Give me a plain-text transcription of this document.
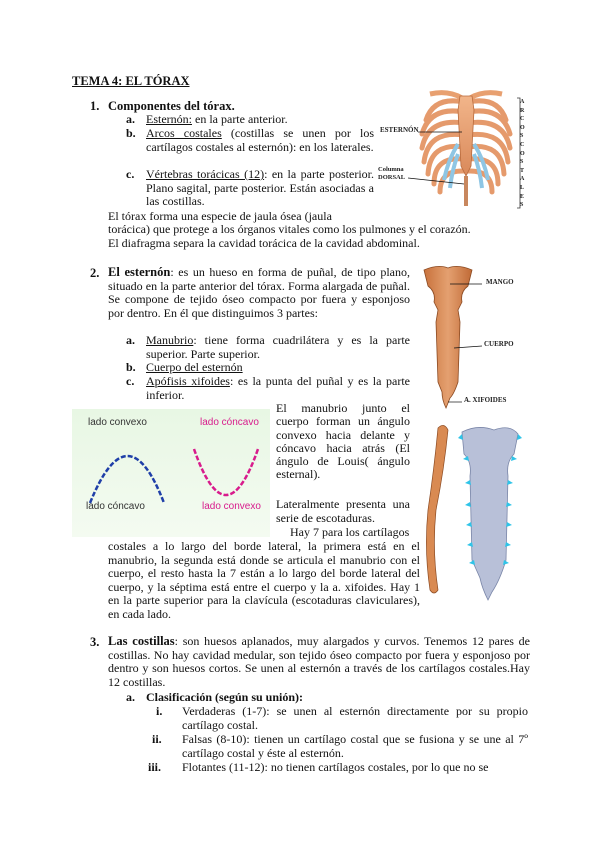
TEMA 4: EL TÓRAX
1. Componentes del tórax.
a. Esternón: en la parte anterior.
b. Arcos costales (costillas se unen por los cartílagos costales al esternón): en los laterales.
c. Vértebras torácicas (12): en la parte posterior. Plano sagital, parte posterior. Están asociadas a las costillas.
El tórax forma una especie de jaula ósea (jaula
torácica) que protege a los órganos vitales como los pulmones y el corazón.
El diafragma separa la cavidad torácica de la cavidad abdominal.
ESTERNÓN
Columna DORSAL
ARCOS COSTALES
2. El esternón: es un hueso en forma de puñal, de tipo plano, situado en la parte anterior del tórax. Forma alargada de puñal. Se compone de tejido óseo compacto por fuera y esponjoso por dentro. En él que distinguimos 3 partes:
a. Manubrio: tiene forma cuadrilátera y es la parte superior. Parte superior.
b. Cuerpo del esternón
c. Apófisis xifoides: es la punta del puñal y es la parte inferior.
lado convexo	lado cóncavo
lado cóncavo	lado convexo
El manubrio junto el cuerpo forman un ángulo convexo hacia delante y cóncavo hacia atrás (El ángulo de Louis( ángulo esternal).
Lateralmente presenta una serie de escotaduras.
Hay 7 para los cartílagos
costales a lo largo del borde lateral, la primera está en el manubrio, la segunda está donde se articula el manubrio con el cuerpo, el resto hasta la 7 están a lo largo del borde lateral del cuerpo, y la séptima está entre el cuerpo y la a. xifoides. Hay 1 en la parte superior para la clavícula (escotaduras claviculares), en cada lado.
MANGO
CUERPO
A. XIFOIDES
3. Las costillas: son huesos aplanados, muy alargados y curvos. Tenemos 12 pares de costillas. No hay cavidad medular, son tejido óseo compacto por fuera y esponjoso por dentro y son huesos cortos. Se unen al esternón a través de los cartílagos costales.Hay 12 costillas.
a. Clasificación (según su unión):
i. Verdaderas (1-7): se unen al esternón directamente por su propio cartílago costal.
ii. Falsas (8-10): tienen un cartílago costal que se fusiona y se une al 7º cartílago costal y éste al esternón.
iii. Flotantes (11-12): no tienen cartílagos costales, por lo que no se
